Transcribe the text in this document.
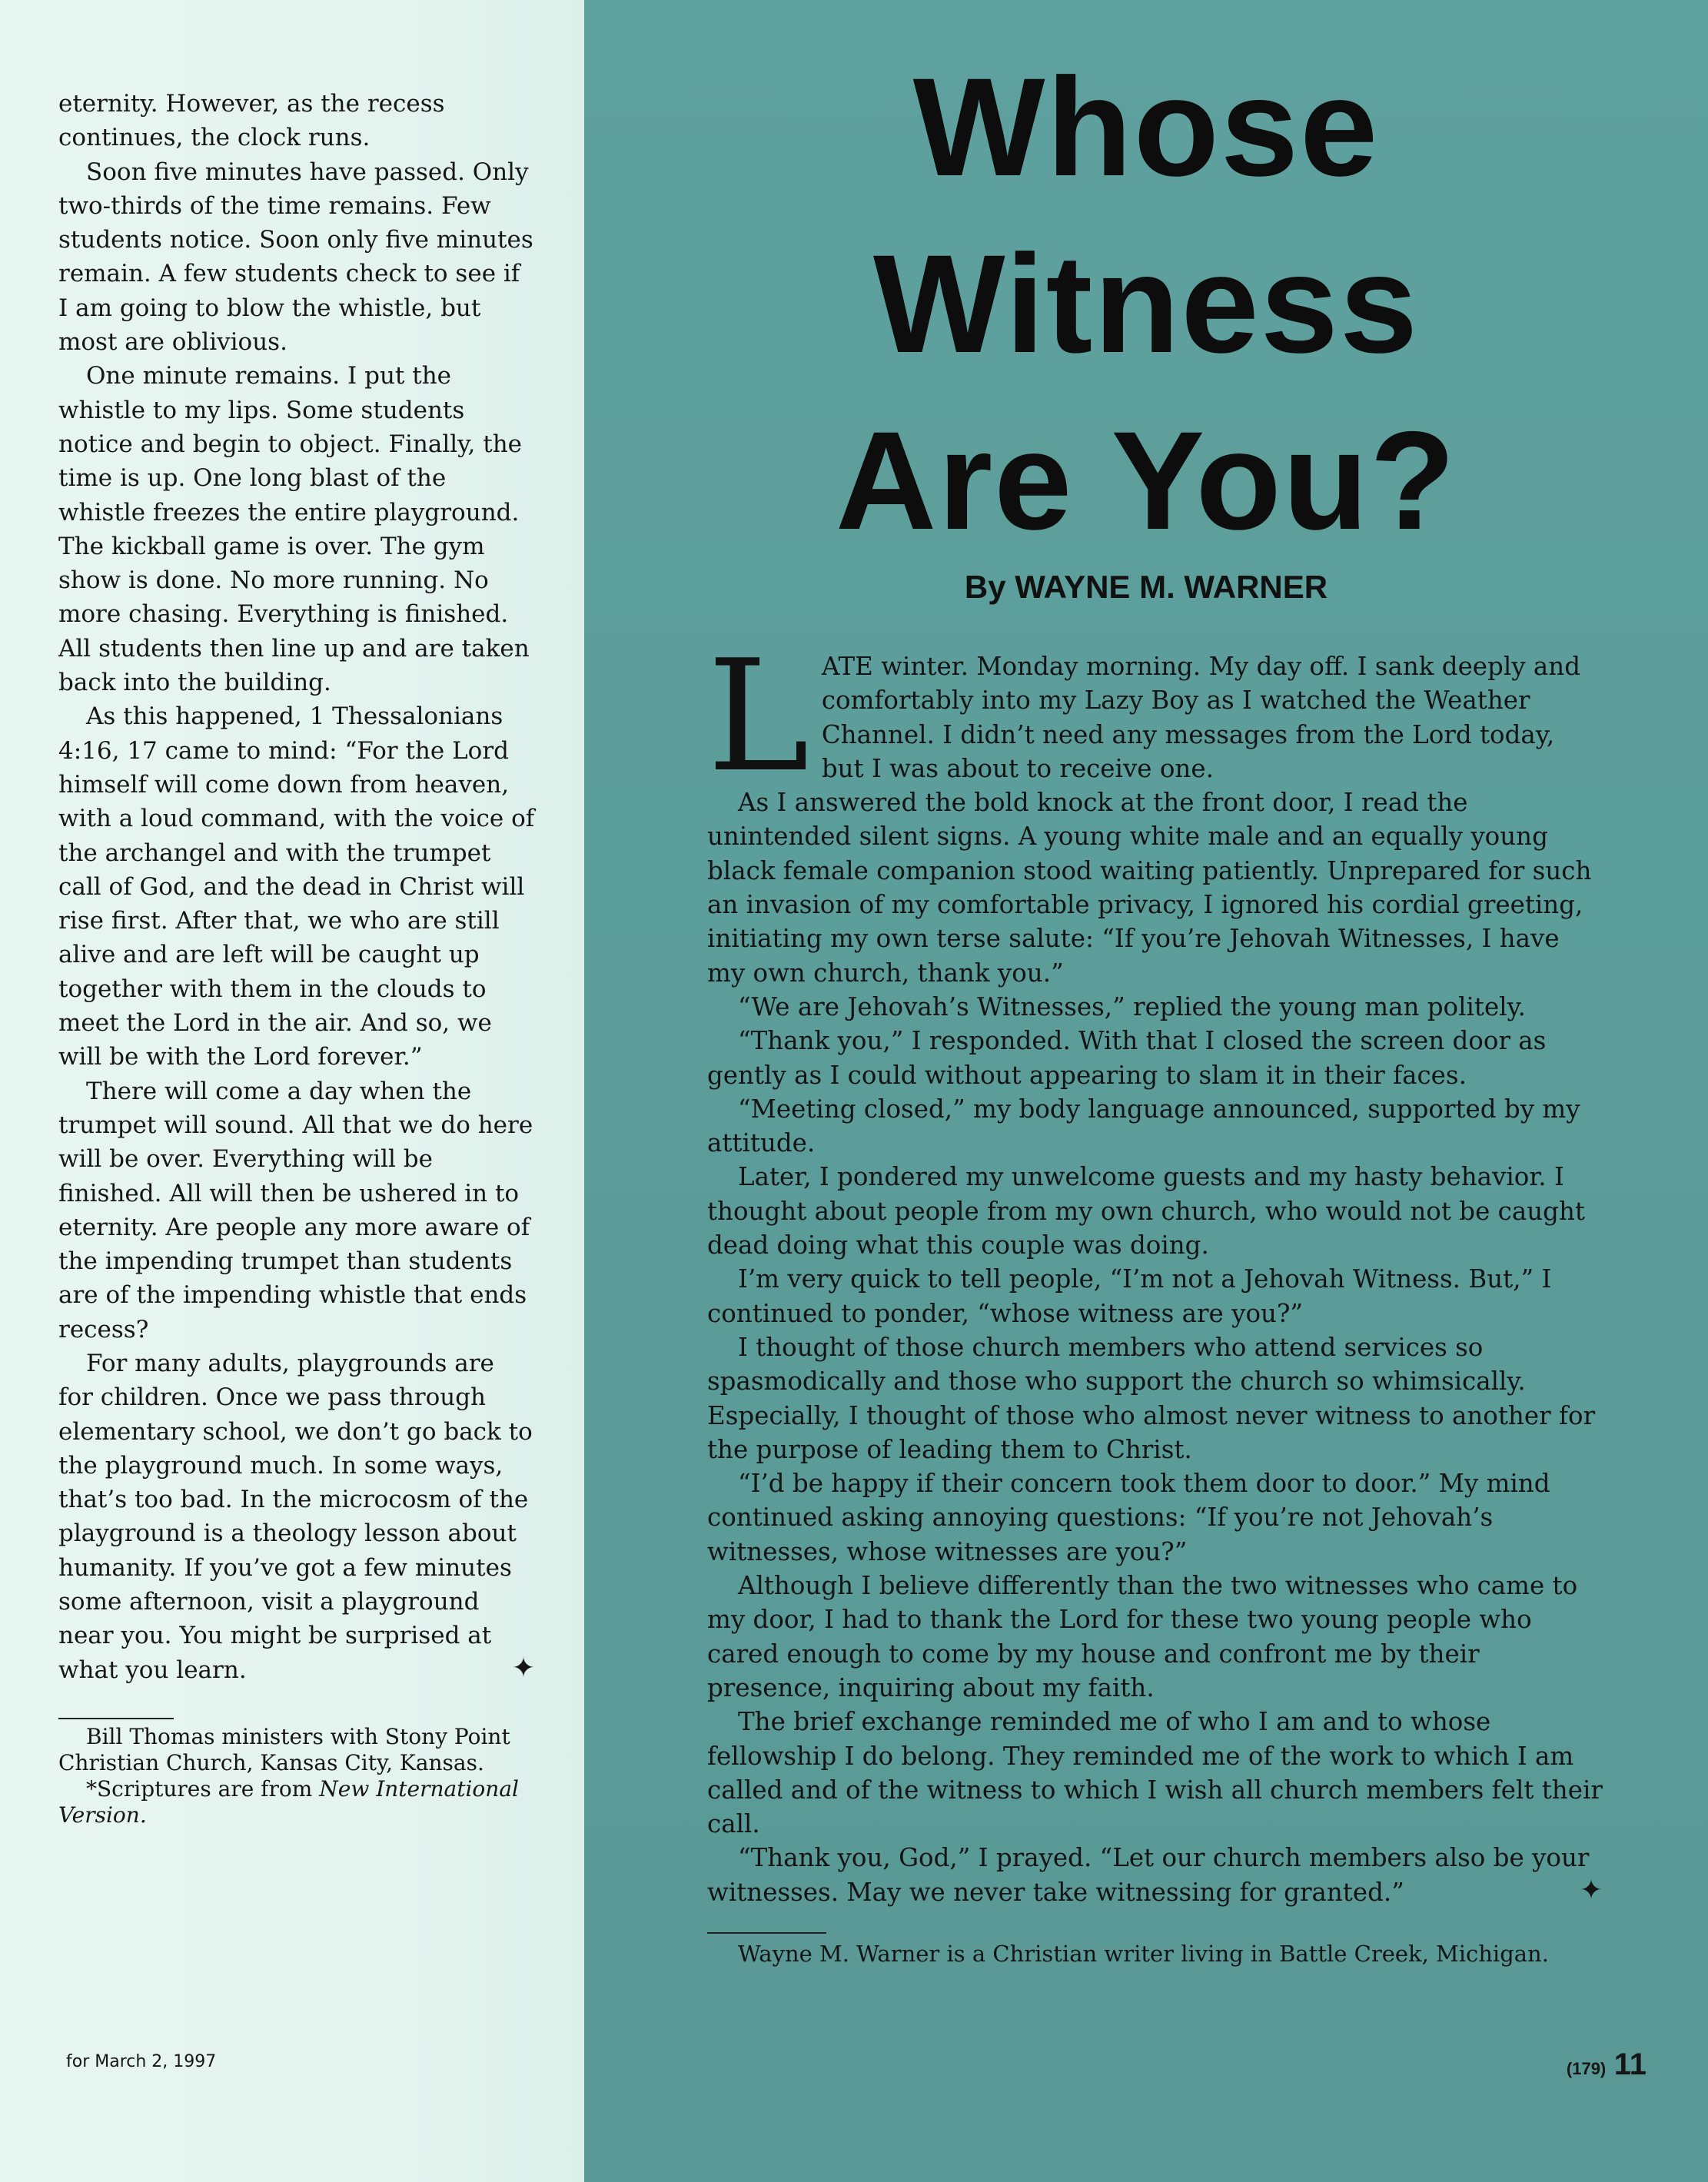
eternity. However, as the recess continues, the clock runs.

Soon five minutes have passed. Only two-thirds of the time remains. Few students notice. Soon only five minutes remain. A few students check to see if I am going to blow the whistle, but most are oblivious.

One minute remains. I put the whistle to my lips. Some students notice and begin to object. Finally, the time is up. One long blast of the whistle freezes the entire playground. The kickball game is over. The gym show is done. No more running. No more chasing. Everything is finished. All students then line up and are taken back into the building.

As this happened, 1 Thessalonians 4:16, 17 came to mind: “For the Lord himself will come down from heaven, with a loud command, with the voice of the archangel and with the trumpet call of God, and the dead in Christ will rise first. After that, we who are still alive and are left will be caught up together with them in the clouds to meet the Lord in the air. And so, we will be with the Lord forever.”

There will come a day when the trumpet will sound. All that we do here will be over. Everything will be finished. All will then be ushered in to eternity. Are people any more aware of the impending trumpet than students are of the impending whistle that ends recess?

For many adults, playgrounds are for children. Once we pass through elementary school, we don’t go back to the playground much. In some ways, that’s too bad. In the microcosm of the playground is a theology lesson about humanity. If you’ve got a few minutes some afternoon, visit a playground near you. You might be surprised at what you learn.	✦

Bill Thomas ministers with Stony Point Christian Church, Kansas City, Kansas.

*Scriptures are from New International Version.

for March 2, 1997
Whose
Witness
Are You?
By WAYNE M. WARNER

LATE winter. Monday morning. My day off. I sank deeply and comfortably into my Lazy Boy as I watched the Weather Channel. I didn’t need any messages from the Lord today, but I was about to receive one.

As I answered the bold knock at the front door, I read the unintended silent signs. A young white male and an equally young black female companion stood waiting patiently. Unprepared for such an invasion of my comfortable privacy, I ignored his cordial greeting, initiating my own terse salute: “If you’re Jehovah Witnesses, I have my own church, thank you.”

“We are Jehovah’s Witnesses,” replied the young man politely.

“Thank you,” I responded. With that I closed the screen door as gently as I could without appearing to slam it in their faces.

“Meeting closed,” my body language announced, supported by my attitude.

Later, I pondered my unwelcome guests and my hasty behavior. I thought about people from my own church, who would not be caught dead doing what this couple was doing.

I’m very quick to tell people, “I’m not a Jehovah Witness. But,” I continued to ponder, “whose witness are you?”

I thought of those church members who attend services so spasmodically and those who support the church so whimsically. Especially, I thought of those who almost never witness to another for the purpose of leading them to Christ.

“I’d be happy if their concern took them door to door.” My mind continued asking annoying questions: “If you’re not Jehovah’s witnesses, whose witnesses are you?”

Although I believe differently than the two witnesses who came to my door, I had to thank the Lord for these two young people who cared enough to come by my house and confront me by their presence, inquiring about my faith.

The brief exchange reminded me of who I am and to whose fellowship I do belong. They reminded me of the work to which I am called and of the witness to which I wish all church members felt their call.

“Thank you, God,” I prayed. “Let our church members also be your witnesses. May we never take witnessing for granted.”	✦

Wayne M. Warner is a Christian writer living in Battle Creek, Michigan.

(179) 11
